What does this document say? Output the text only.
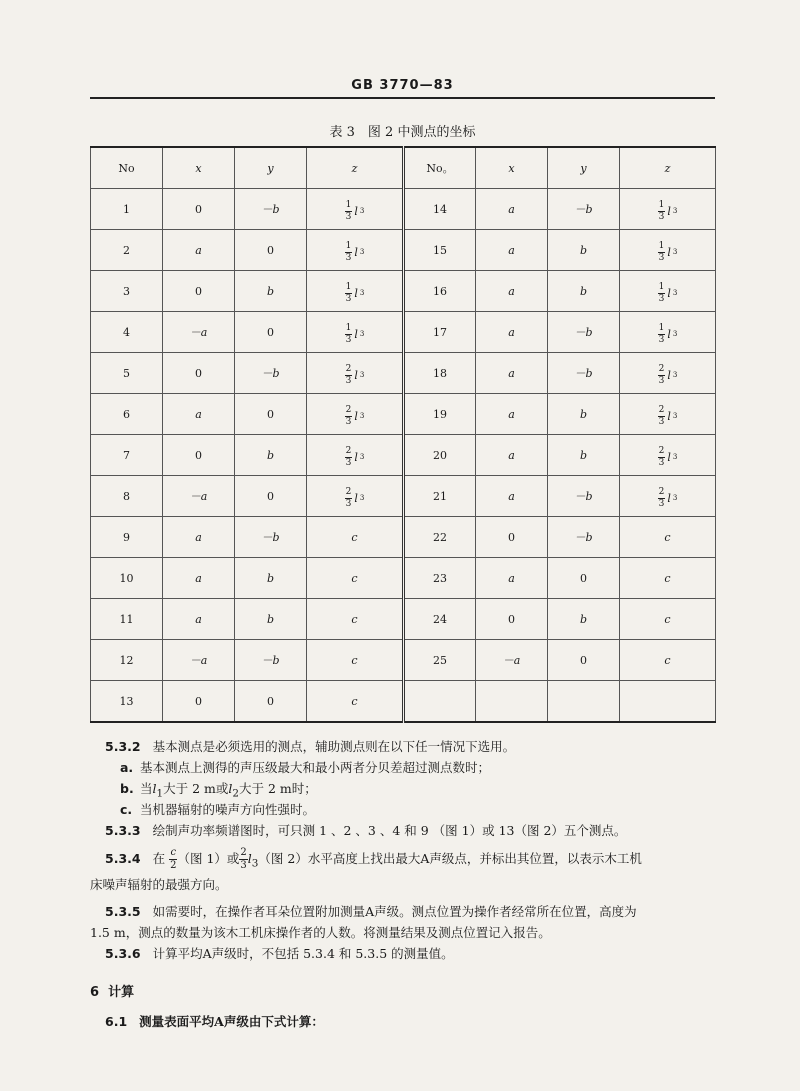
GB 3770—83
表 3　图 2 中测点的坐标
No	x	y	z	No。	x	y	z
1	0	－b	$\frac{1}{3}$ l 3	14	a	－b	$\frac{1}{3}$ l 3

2	a	0	$\frac{1}{3}$ l 3	15	a	b	$\frac{1}{3}$ l 3

3	0	b	$\frac{1}{3}$ l 3	16	a	b	$\frac{1}{3}$ l 3

4	－a	0	$\frac{1}{3}$ l 3	17	a	－b	$\frac{1}{3}$ l 3

5	0	－b	$\frac{2}{3}$ l 3	18	a	－b	$\frac{2}{3}$ l 3

6	a	0	$\frac{2}{3}$ l 3	19	a	b	$\frac{2}{3}$ l 3

7	0	b	$\frac{2}{3}$ l 3	20	a	b	$\frac{2}{3}$ l 3

8	－a	0	$\frac{2}{3}$ l 3	21	a	－b	$\frac{2}{3}$ l 3

9	a	－b	c	22	0	－b	c
10	a	b	c	23	a	0	c
11	a	b	c	24	0	b	c
12	－a	－b	c	25	－a	0	c
13	0	0	c				
5.3.2 基本测点是必须选用的测点，辅助测点则在以下任一情况下选用。
a. 基本测点上测得的声压级最大和最小两者分贝差超过测点数时；
b. 当$l_1$大于 2 m或$l_2$大于 2 m时；
c. 当机器辐射的噪声方向性强时。
5.3.3 绘制声功率频谱图时，可只测 1 、2 、3 、4 和 9 （图 1）或 13（图 2）五个测点。
5.3.4 在 $\frac{c}{2}$ （图 1）或 $\frac{2}{3} l_3$（图 2）水平高度上找出最大A声级点，并标出其位置，以表示木工机
床噪声辐射的最强方向。
5.3.5 如需要时，在操作者耳朵位置附加测量A声级。测点位置为操作者经常所在位置，高度为
1.5 m，测点的数量为该木工机床操作者的人数。将测量结果及测点位置记入报告。
5.3.6 计算平均A声级时，不包括 5.3.4 和 5.3.5 的测量值。
6 计算
6.1 测量表面平均A声级由下式计算：
